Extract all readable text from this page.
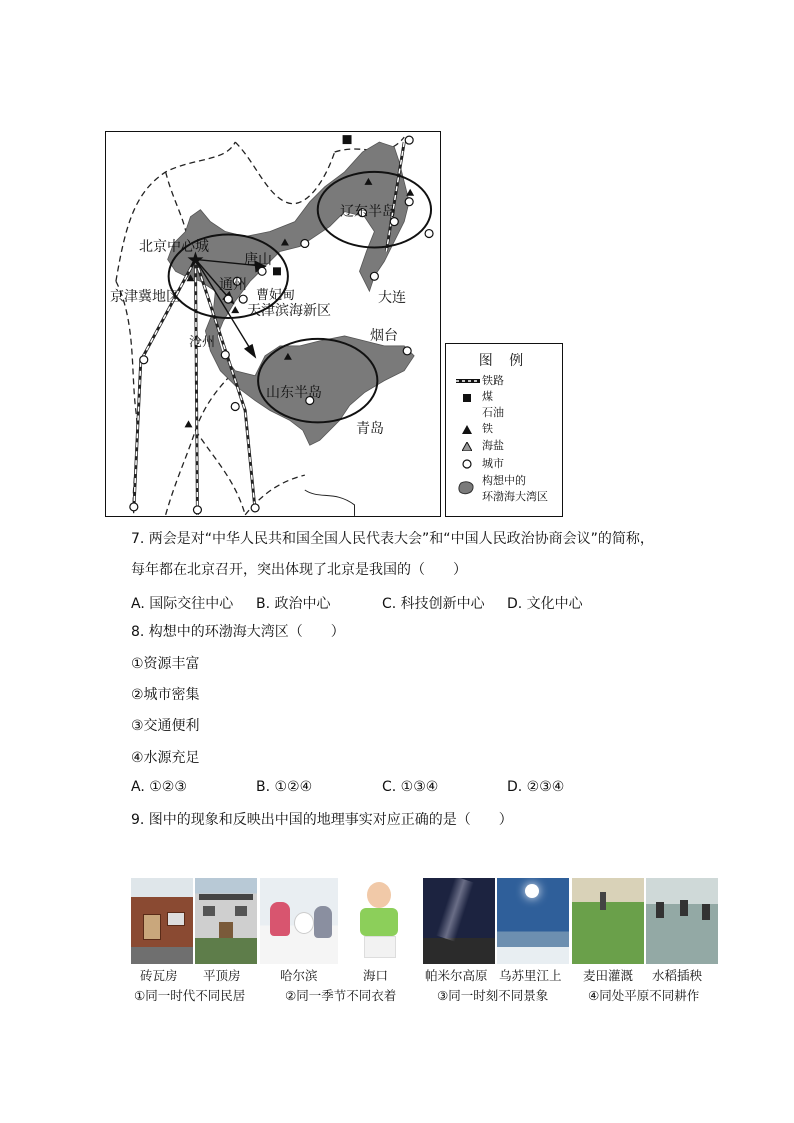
北京中心城
京津冀地区
唐山
通州
曹妃甸
天津滨海新区
沧州
辽东半岛
大连
烟台
山东半岛
青岛
图 例
铁路
煤
石油
铁
海盐
城市
构想中的
环渤海大湾区
7. 两会是对“中华人民共和国全国人民代表大会”和“中国人民政治协商会议”的简称，
每年都在北京召开，突出体现了北京是我国的（　　）
A. 国际交往中心 B. 政治中心	C. 科技创新中心 D. 文化中心
8. 构想中的环渤海大湾区（　　）
①资源丰富
②城市密集
③交通便利
④水源充足
A. ①②③	B. ①②④	C. ①③④	D. ②③④
9. 图中的现象和反映出中国的地理事实对应正确的是（　　）
砖瓦房 平顶房	哈尔滨	海口	帕米尔高原 乌苏里江上 麦田灌溉 水稻插秧
①同一时代不同民居	②同一季节不同衣着	③同一时刻不同景象	④同处平原不同耕作
